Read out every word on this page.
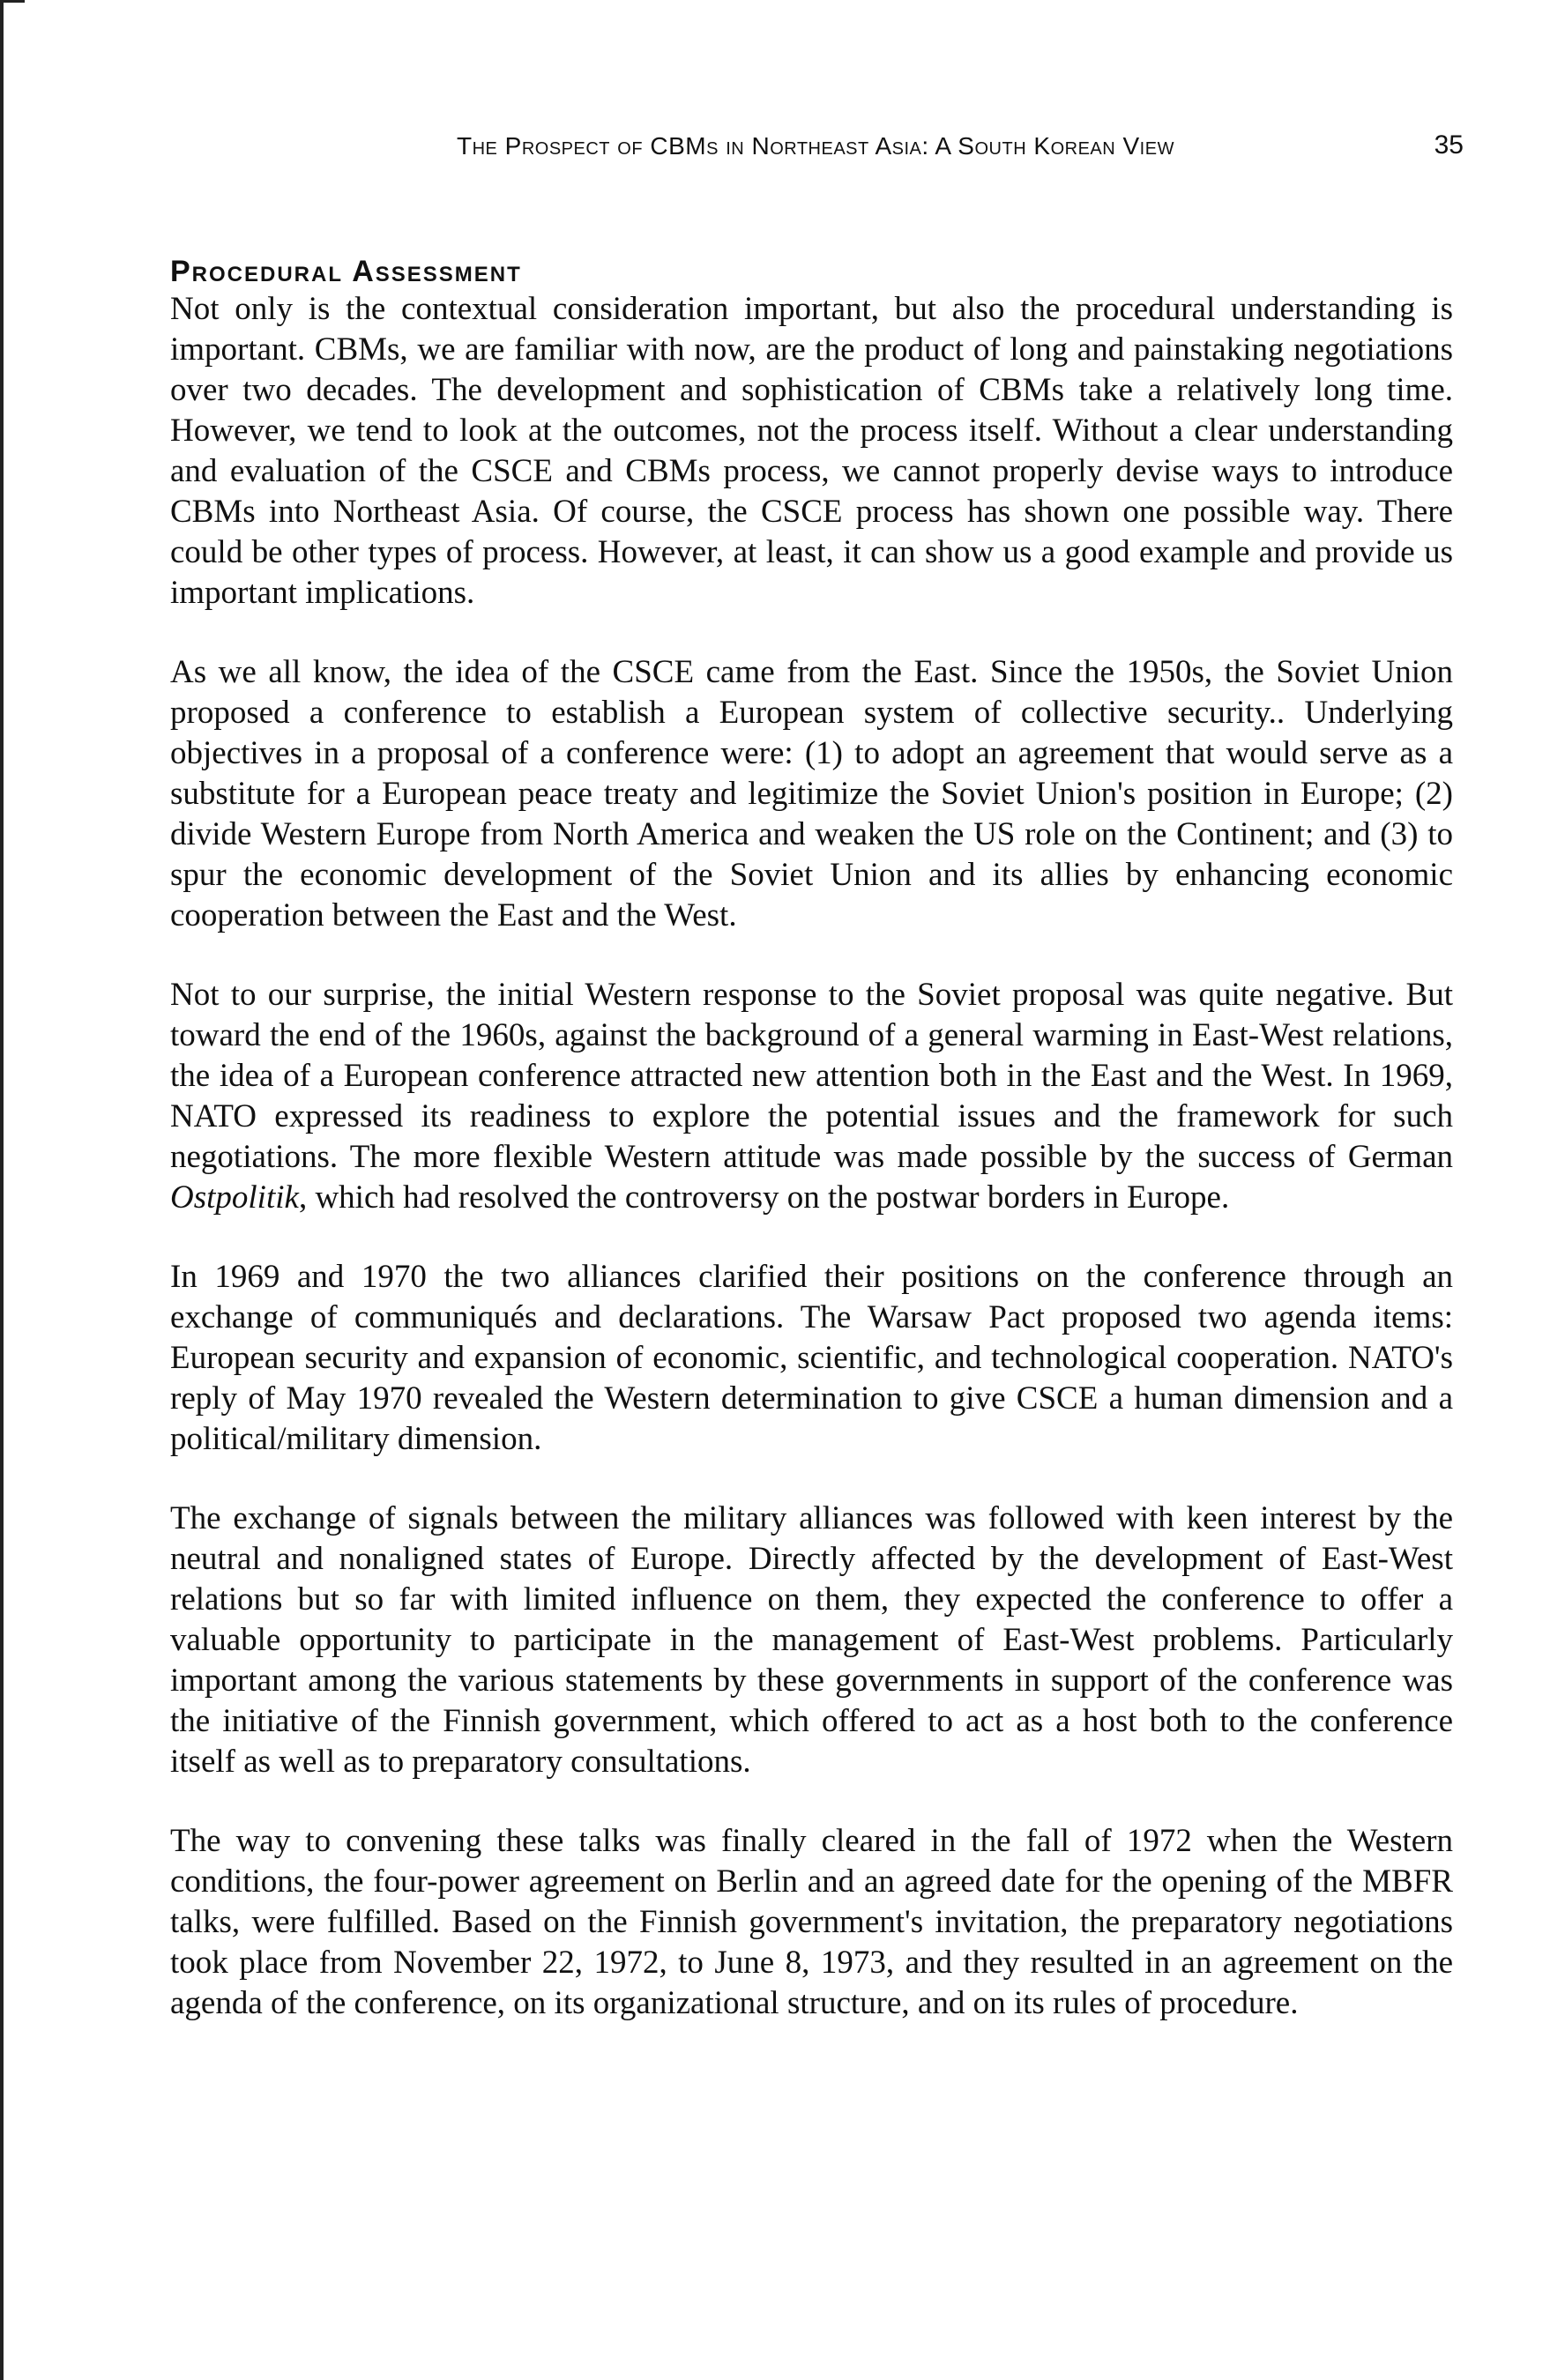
The Prospect of CBMs in Northeast Asia: A South Korean View	35
Procedural Assessment

Not only is the contextual consideration important, but also the procedural understanding is important. CBMs, we are familiar with now, are the product of long and painstaking negotiations over two decades. The development and sophistication of CBMs take a relatively long time. However, we tend to look at the outcomes, not the process itself. Without a clear understanding and evaluation of the CSCE and CBMs process, we cannot properly devise ways to introduce CBMs into Northeast Asia. Of course, the CSCE process has shown one possible way. There could be other types of process. However, at least, it can show us a good example and provide us important implications.

As we all know, the idea of the CSCE came from the East. Since the 1950s, the Soviet Union proposed a conference to establish a European system of collective security.. Underlying objectives in a proposal of a conference were: (1) to adopt an agreement that would serve as a substitute for a European peace treaty and legitimize the Soviet Union's position in Europe; (2) divide Western Europe from North America and weaken the US role on the Continent; and (3) to spur the economic development of the Soviet Union and its allies by enhancing economic cooperation between the East and the West.

Not to our surprise, the initial Western response to the Soviet proposal was quite negative. But toward the end of the 1960s, against the background of a general warming in East-West relations, the idea of a European conference attracted new attention both in the East and the West. In 1969, NATO expressed its readiness to explore the potential issues and the framework for such negotiations. The more flexible Western attitude was made possible by the success of German Ostpolitik, which had resolved the controversy on the postwar borders in Europe.

In 1969 and 1970 the two alliances clarified their positions on the conference through an exchange of communiqués and declarations. The Warsaw Pact proposed two agenda items: European security and expansion of economic, scientific, and technological cooperation. NATO's reply of May 1970 revealed the Western determination to give CSCE a human dimension and a political/military dimension.

The exchange of signals between the military alliances was followed with keen interest by the neutral and nonaligned states of Europe. Directly affected by the development of East-West relations but so far with limited influence on them, they expected the conference to offer a valuable opportunity to participate in the management of East-West problems. Particularly important among the various statements by these governments in support of the conference was the initiative of the Finnish government, which offered to act as a host both to the conference itself as well as to preparatory consultations.

The way to convening these talks was finally cleared in the fall of 1972 when the Western conditions, the four-power agreement on Berlin and an agreed date for the opening of the MBFR talks, were fulfilled. Based on the Finnish government's invitation, the preparatory negotiations took place from November 22, 1972, to June 8, 1973, and they resulted in an agreement on the agenda of the conference, on its organizational structure, and on its rules of procedure.
